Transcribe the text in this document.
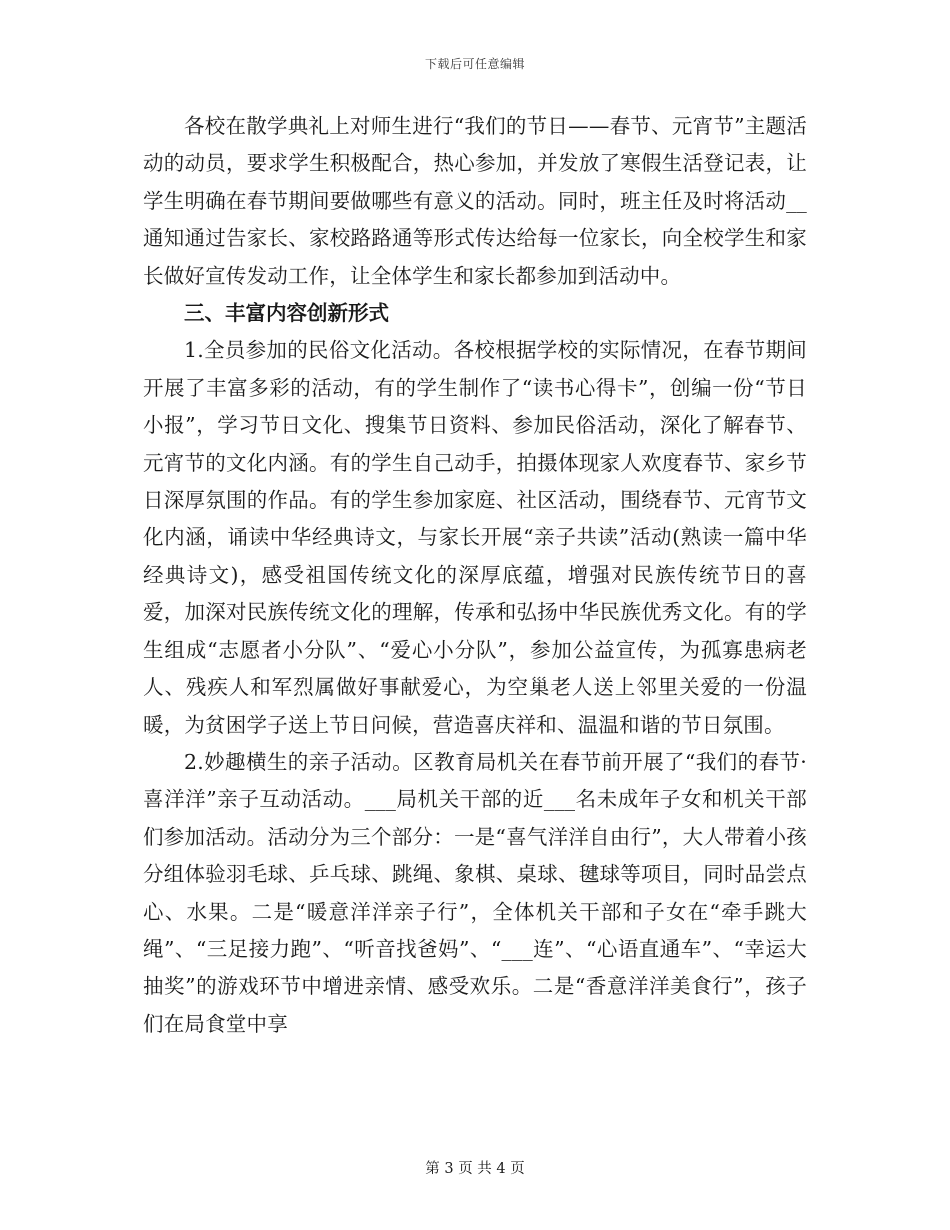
下载后可任意编辑

各校在散学典礼上对师生进行“我们的节日——春节、元宵节”主题活动的动员，要求学生积极配合，热心参加，并发放了寒假生活登记表，让学生明确在春节期间要做哪些有意义的活动。同时，班主任及时将活动__通知通过告家长、家校路路通等形式传达给每一位家长，向全校学生和家长做好宣传发动工作，让全体学生和家长都参加到活动中。

三、丰富内容创新形式

1.全员参加的民俗文化活动。各校根据学校的实际情况，在春节期间开展了丰富多彩的活动，有的学生制作了“读书心得卡”，创编一份“节日小报”，学习节日文化、搜集节日资料、参加民俗活动，深化了解春节、元宵节的文化内涵。有的学生自己动手，拍摄体现家人欢度春节、家乡节日深厚氛围的作品。有的学生参加家庭、社区活动，围绕春节、元宵节文化内涵，诵读中华经典诗文，与家长开展“亲子共读”活动(熟读一篇中华经典诗文)，感受祖国传统文化的深厚底蕴，增强对民族传统节日的喜爱，加深对民族传统文化的理解，传承和弘扬中华民族优秀文化。有的学生组成“志愿者小分队”、“爱心小分队”，参加公益宣传，为孤寡患病老人、残疾人和军烈属做好事献爱心，为空巢老人送上邻里关爱的一份温暖，为贫困学子送上节日问候，营造喜庆祥和、温温和谐的节日氛围。

2.妙趣横生的亲子活动。区教育局机关在春节前开展了“我们的春节·喜洋洋”亲子互动活动。___局机关干部的近___名未成年子女和机关干部们参加活动。活动分为三个部分：一是“喜气洋洋自由行”，大人带着小孩分组体验羽毛球、乒乓球、跳绳、象棋、桌球、毽球等项目，同时品尝点心、水果。二是“暖意洋洋亲子行”，全体机关干部和子女在“牵手跳大绳”、“三足接力跑”、“听音找爸妈”、“___连”、“心语直通车”、“幸运大抽奖”的游戏环节中增进亲情、感受欢乐。二是“香意洋洋美食行”，孩子们在局食堂中享

第 3 页 共 4 页
